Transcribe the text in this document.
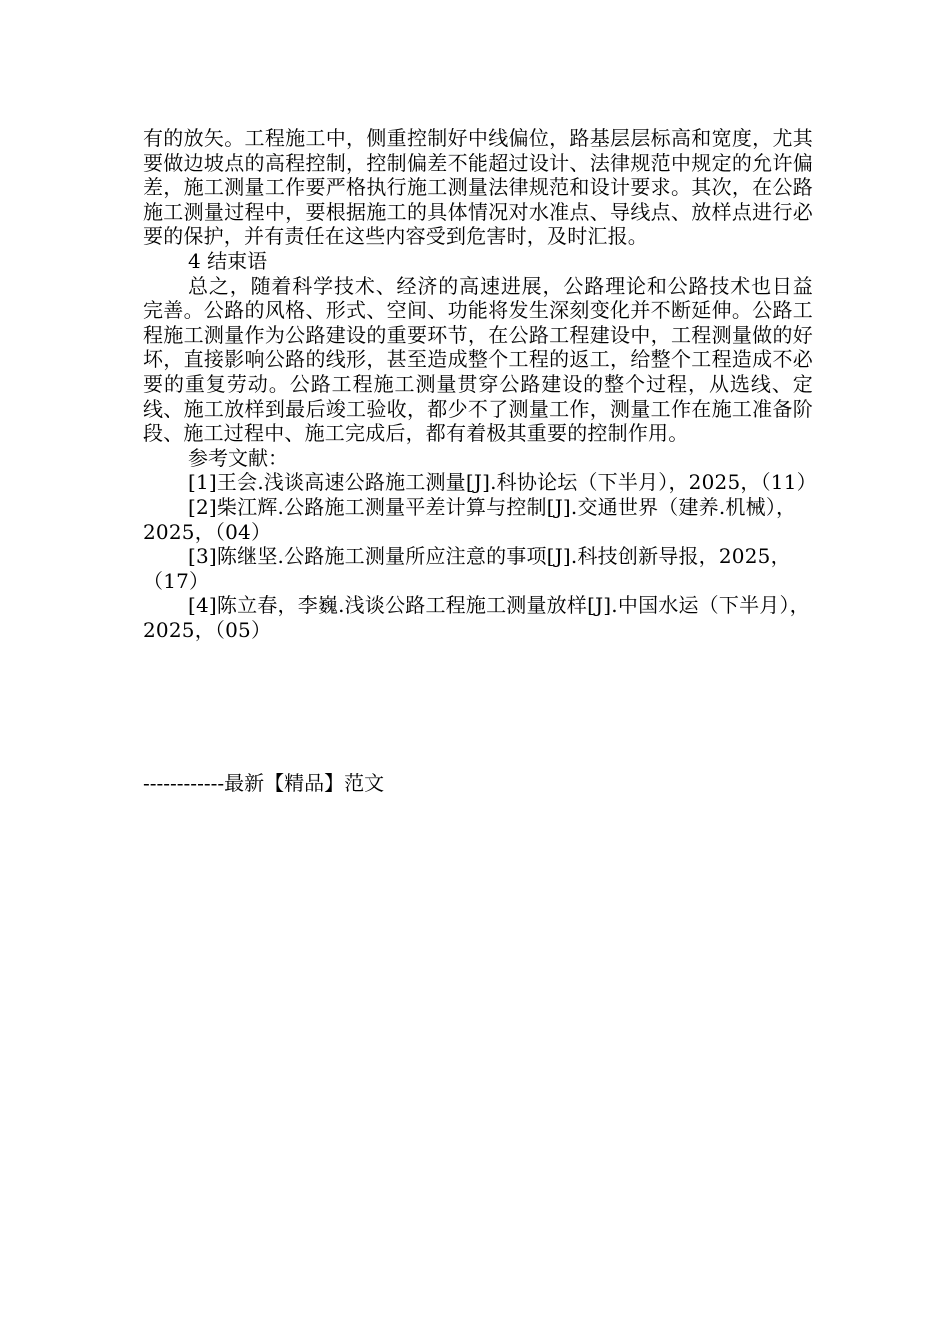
有的放矢。工程施工中，侧重控制好中线偏位，路基层层标高和宽度，尤其要做边坡点的高程控制，控制偏差不能超过设计、法律规范中规定的允许偏差，施工测量工作要严格执行施工测量法律规范和设计要求。其次，在公路施工测量过程中，要根据施工的具体情况对水准点、导线点、放样点进行必要的保护，并有责任在这些内容受到危害时，及时汇报。

4 结束语

总之，随着科学技术、经济的高速进展，公路理论和公路技术也日益完善。公路的风格、形式、空间、功能将发生深刻变化并不断延伸。公路工程施工测量作为公路建设的重要环节，在公路工程建设中，工程测量做的好坏，直接影响公路的线形，甚至造成整个工程的返工，给整个工程造成不必要的重复劳动。公路工程施工测量贯穿公路建设的整个过程，从选线、定线、施工放样到最后竣工验收，都少不了测量工作，测量工作在施工准备阶段、施工过程中、施工完成后，都有着极其重要的控制作用。

参考文献：

[1]王会.浅谈高速公路施工测量[J].科协论坛（下半月），2025，（11）
[2]柴江辉.公路施工测量平差计算与控制[J].交通世界（建养.机械），2025，（04）
[3]陈继坚.公路施工测量所应注意的事项[J].科技创新导报，2025，（17）
[4]陈立春，李巍.浅谈公路工程施工测量放样[J].中国水运（下半月），2025，（05）
------------最新【精品】范文
